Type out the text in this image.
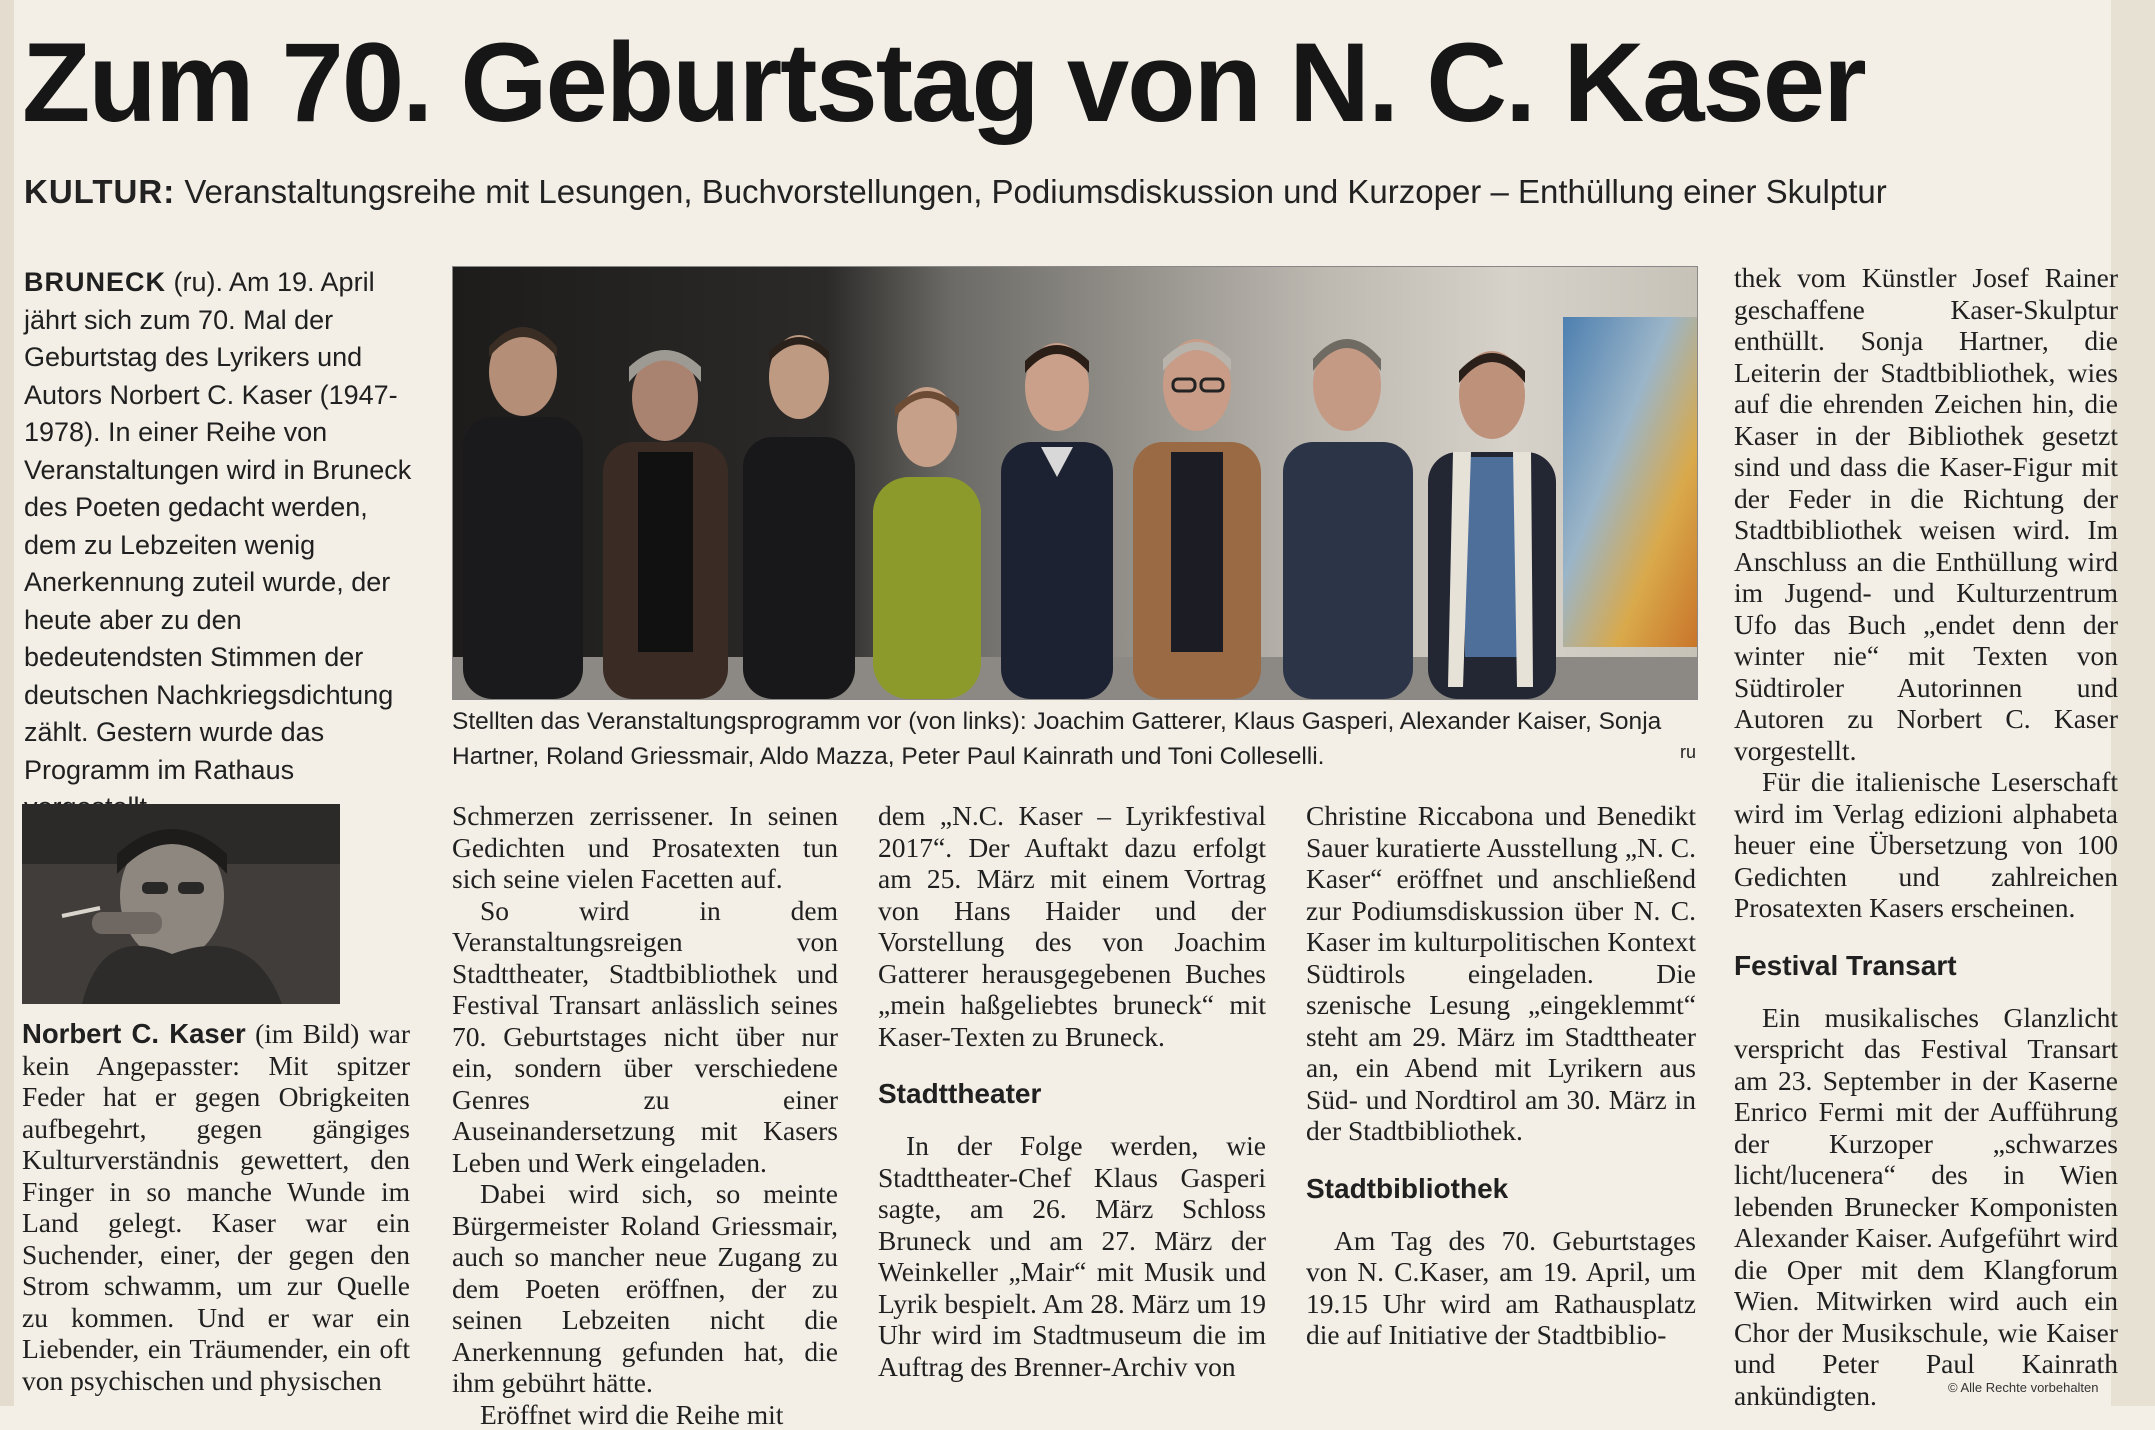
Zum 70. Geburtstag von N. C. Kaser
KULTUR: Veranstaltungsreihe mit Lesungen, Buchvorstellungen, Podiumsdiskussion und Kurzoper – Enthüllung einer Skulptur

BRUNECK (ru). Am 19. April jährt sich zum 70. Mal der Geburtstag des Lyrikers und Autors Norbert C. Kaser (1947-1978). In einer Reihe von Veranstaltungen wird in Bruneck des Poeten gedacht werden, dem zu Lebzeiten wenig Anerkennung zuteil wurde, der heute aber zu den bedeutendsten Stimmen der deutschen Nachkriegsdichtung zählt. Gestern wurde das Programm im Rathaus

Norbert C. Kaser (im Bild) war kein Angepasster: Mit spitzer Feder hat er gegen Obrigkeiten aufbegehrt, gegen gängiges Kulturverständnis gewettert, den Finger in so manche Wunde im Land gelegt. Kaser war ein Suchender, einer, der gegen den Strom schwamm, um zur Quelle zu kommen. Und er war ein Liebender, ein Träumender, ein oft von psychischen und physischen

Stellten das Veranstaltungsprogramm vor (von links): Joachim Gatterer, Klaus Gasperi, Alexander Kaiser, Sonja Hartner, Roland Griessmair, Aldo Mazza, Peter Paul Kainrath und Toni Colleselli.	ru

Schmerzen zerrissener. In seinen Gedichten und Prosatexten tun sich seine vielen Facetten auf.

So wird in dem Veranstaltungsreigen von Stadttheater, Stadtbibliothek und Festival Transart anlässlich seines 70. Geburtstages nicht über nur ein, sondern über verschiedene Genres zu einer Auseinandersetzung mit Kasers Leben und Werk eingeladen.

Dabei wird sich, so meinte Bürgermeister Roland Griessmair, auch so mancher neue Zugang zu dem Poeten eröffnen, der zu seinen Lebzeiten nicht die Anerkennung gefunden hat, die ihm gebührt hätte.

Eröffnet wird die Reihe mit

dem „N.C. Kaser – Lyrikfestival 2017“. Der Auftakt dazu erfolgt am 25. März mit einem Vortrag von Hans Haider und der Vorstellung des von Joachim Gatterer herausgegebenen Buches „mein haßgeliebtes bruneck“ mit Kaser-Texten zu Bruneck.

Stadttheater

In der Folge werden, wie Stadttheater-Chef Klaus Gasperi sagte, am 26. März Schloss Bruneck und am 27. März der Weinkeller „Mair“ mit Musik und Lyrik bespielt. Am 28. März um 19 Uhr wird im Stadtmuseum die im Auftrag des Brenner-Archiv von

Christine Riccabona und Benedikt Sauer kuratierte Ausstellung „N. C. Kaser“ eröffnet und anschließend zur Podiumsdiskussion über N. C. Kaser im kulturpolitischen Kontext Südtirols eingeladen. Die szenische Lesung „eingeklemmt“ steht am 29. März im Stadttheater an, ein Abend mit Lyrikern aus Süd- und Nordtirol am 30. März in der Stadtbibliothek.

Stadtbibliothek

Am Tag des 70. Geburtstages von N. C.Kaser, am 19. April, um 19.15 Uhr wird am Rathausplatz die auf Initiative der Stadtbiblio-

thek vom Künstler Josef Rainer geschaffene Kaser-Skulptur enthüllt. Sonja Hartner, die Leiterin der Stadtbibliothek, wies auf die ehrenden Zeichen hin, die Kaser in der Bibliothek gesetzt sind und dass die Kaser-Figur mit der Feder in die Richtung der Stadtbibliothek weisen wird. Im Anschluss an die Enthüllung wird im Jugend- und Kulturzentrum Ufo das Buch „endet denn der winter nie“ mit Texten von Südtiroler Autorinnen und Autoren zu Norbert C. Kaser vorgestellt.

Für die italienische Leserschaft wird im Verlag edizioni alphabeta heuer eine Übersetzung von 100 Gedichten und zahlreichen Prosatexten Kasers erscheinen.

Festival Transart

Ein musikalisches Glanzlicht verspricht das Festival Transart am 23. September in der Kaserne Enrico Fermi mit der Aufführung der Kurzoper „schwarzes licht/lucenera“ des in Wien lebenden Brunecker Komponisten Alexander Kaiser. Aufgeführt wird die Oper mit dem Klangforum Wien. Mitwirken wird auch ein Chor der Musikschule, wie Kaiser und Peter Paul Kainrath ankündigten.	© Alle Rechte vorbehalten
